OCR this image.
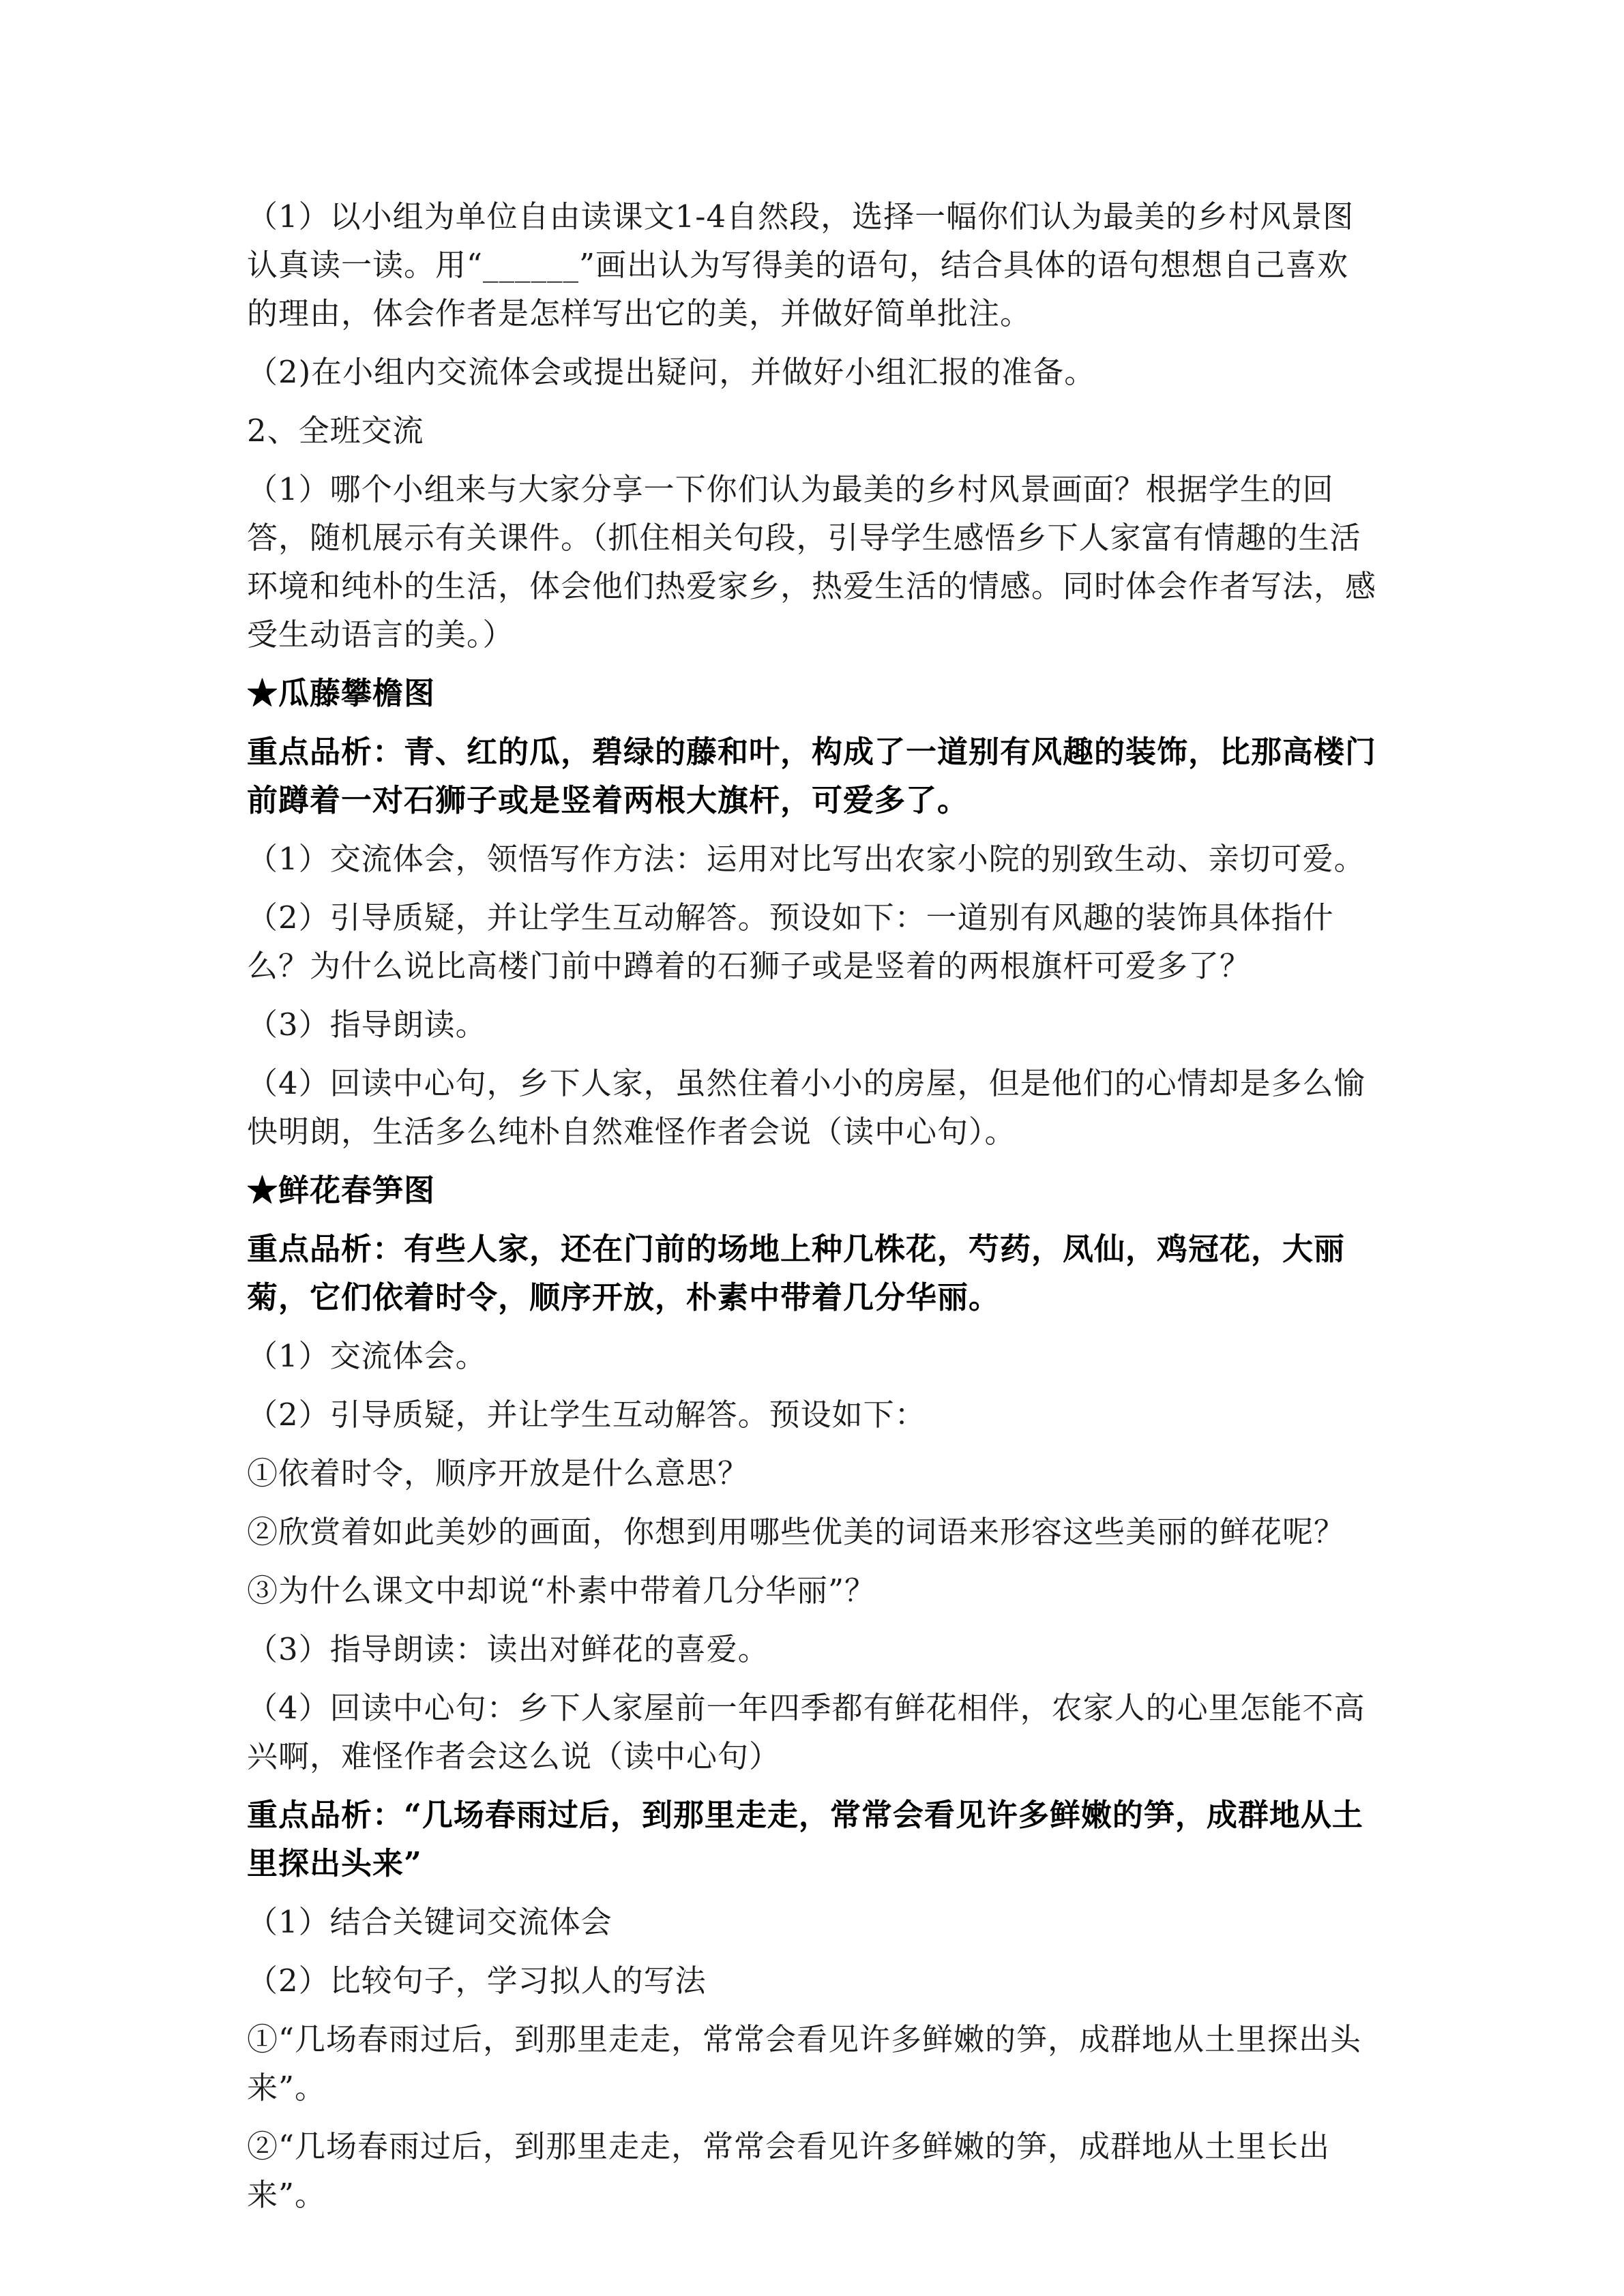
（1）以小组为单位自由读课文1-4自然段，选择一幅你们认为最美的乡村风景图认真读一读。用“______”画出认为写得美的语句，结合具体的语句想想自己喜欢的理由，体会作者是怎样写出它的美，并做好简单批注。

（2)在小组内交流体会或提出疑问，并做好小组汇报的准备。

2、全班交流

（1）哪个小组来与大家分享一下你们认为最美的乡村风景画面？根据学生的回答，随机展示有关课件。（抓住相关句段，引导学生感悟乡下人家富有情趣的生活环境和纯朴的生活，体会他们热爱家乡，热爱生活的情感。同时体会作者写法，感受生动语言的美。）

★瓜藤攀檐图

重点品析：青、红的瓜，碧绿的藤和叶，构成了一道别有风趣的装饰，比那高楼门前蹲着一对石狮子或是竖着两根大旗杆，可爱多了。

（1）交流体会，领悟写作方法：运用对比写出农家小院的别致生动、亲切可爱。

（2）引导质疑，并让学生互动解答。预设如下：一道别有风趣的装饰具体指什么？为什么说比高楼门前中蹲着的石狮子或是竖着的两根旗杆可爱多了？

（3）指导朗读。

（4）回读中心句，乡下人家，虽然住着小小的房屋，但是他们的心情却是多么愉快明朗，生活多么纯朴自然难怪作者会说（读中心句）。

★鲜花春笋图

重点品析：有些人家，还在门前的场地上种几株花，芍药，凤仙，鸡冠花，大丽菊，它们依着时令，顺序开放，朴素中带着几分华丽。

（1）交流体会。

（2）引导质疑，并让学生互动解答。预设如下：

①依着时令，顺序开放是什么意思？

②欣赏着如此美妙的画面，你想到用哪些优美的词语来形容这些美丽的鲜花呢？

③为什么课文中却说“朴素中带着几分华丽”？

（3）指导朗读：读出对鲜花的喜爱。

（4）回读中心句：乡下人家屋前一年四季都有鲜花相伴，农家人的心里怎能不高兴啊，难怪作者会这么说（读中心句）

重点品析：“几场春雨过后，到那里走走，常常会看见许多鲜嫩的笋，成群地从土里探出头来”

（1）结合关键词交流体会

（2）比较句子，学习拟人的写法

①“几场春雨过后，到那里走走，常常会看见许多鲜嫩的笋，成群地从土里探出头来”。

②“几场春雨过后，到那里走走，常常会看见许多鲜嫩的笋，成群地从土里长出来”。
